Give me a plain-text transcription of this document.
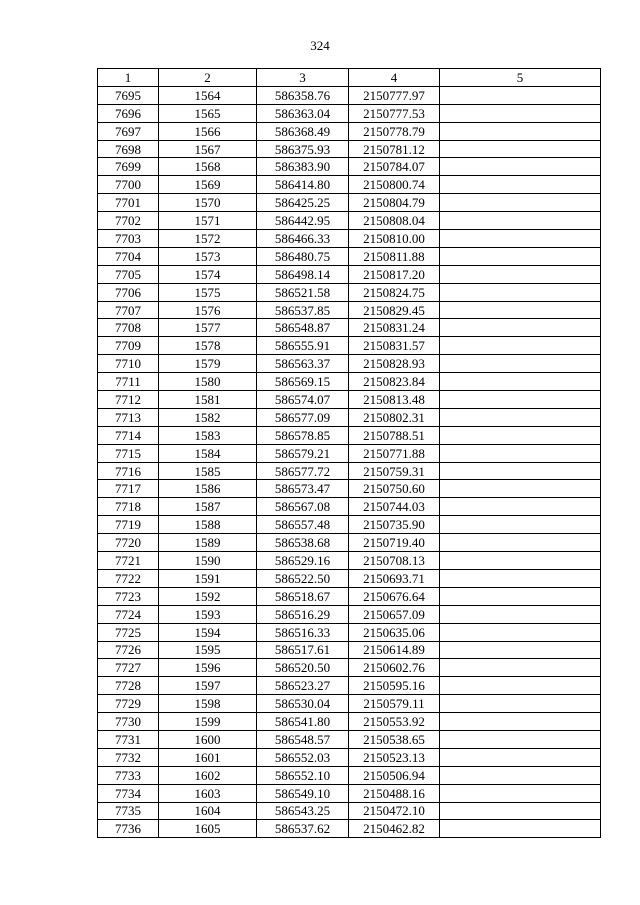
324
1	2	3	4	5
7695	1564	586358.76	2150777.97	
7696	1565	586363.04	2150777.53	
7697	1566	586368.49	2150778.79	
7698	1567	586375.93	2150781.12	
7699	1568	586383.90	2150784.07	
7700	1569	586414.80	2150800.74	
7701	1570	586425.25	2150804.79	
7702	1571	586442.95	2150808.04	
7703	1572	586466.33	2150810.00	
7704	1573	586480.75	2150811.88	
7705	1574	586498.14	2150817.20	
7706	1575	586521.58	2150824.75	
7707	1576	586537.85	2150829.45	
7708	1577	586548.87	2150831.24	
7709	1578	586555.91	2150831.57	
7710	1579	586563.37	2150828.93	
7711	1580	586569.15	2150823.84	
7712	1581	586574.07	2150813.48	
7713	1582	586577.09	2150802.31	
7714	1583	586578.85	2150788.51	
7715	1584	586579.21	2150771.88	
7716	1585	586577.72	2150759.31	
7717	1586	586573.47	2150750.60	
7718	1587	586567.08	2150744.03	
7719	1588	586557.48	2150735.90	
7720	1589	586538.68	2150719.40	
7721	1590	586529.16	2150708.13	
7722	1591	586522.50	2150693.71	
7723	1592	586518.67	2150676.64	
7724	1593	586516.29	2150657.09	
7725	1594	586516.33	2150635.06	
7726	1595	586517.61	2150614.89	
7727	1596	586520.50	2150602.76	
7728	1597	586523.27	2150595.16	
7729	1598	586530.04	2150579.11	
7730	1599	586541.80	2150553.92	
7731	1600	586548.57	2150538.65	
7732	1601	586552.03	2150523.13	
7733	1602	586552.10	2150506.94	
7734	1603	586549.10	2150488.16	
7735	1604	586543.25	2150472.10	
7736	1605	586537.62	2150462.82	
